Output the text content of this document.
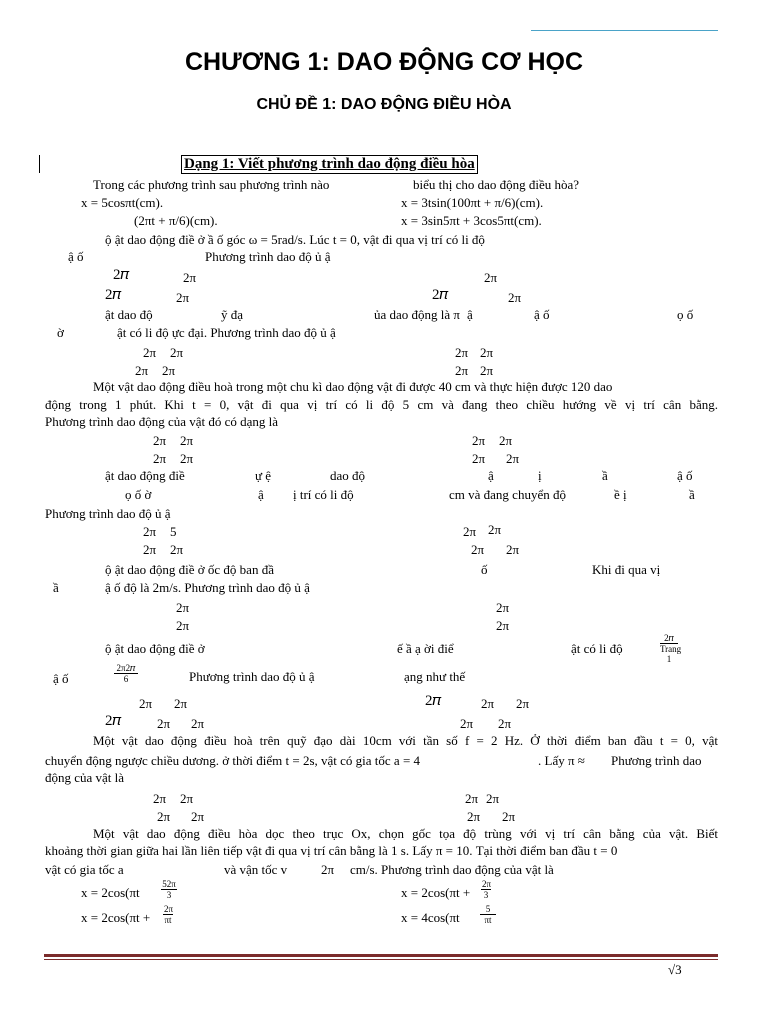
CHƯƠNG 1: DAO ĐỘNG CƠ HỌC
CHỦ ĐỀ 1: DAO ĐỘNG ĐIỀU HÒA
Dạng 1: Viết phương trình dao động điều hòa
Trong các phương trình sau phương trình nào	biểu thị cho dao động điều hòa?
x = 5cosπt(cm).	x = 3tsin(100πt + π/6)(cm).
(2πt + π/6)(cm).	x = 3sin5πt + 3cos5πt(cm).
ộ ật dao động điề ở ầ ố góc ω = 5rad/s. Lúc t = 0, vật đi qua vị trí có li độ
ậ ố	Phương trình dao độ ủ ậ
2𝜋	2π	2π
2𝜋	2π	2𝜋	2π
ật dao độ	ỹ đạ	ủa dao động là π ậ	ậ ố	ọ ố
ờ	ật có li độ ực đại. Phương trình dao độ ủ ậ
2π 2π	2π 2π
2π 2π	2π 2π
Một vật dao động điều hoà trong một chu kì dao động vật đi được 40 cm và thực hiện được 120 dao
động trong 1 phút. Khi t = 0, vật đi qua vị trí có li độ 5 cm và đang theo chiều hướng về vị trí cân bằng.
Phương trình dao động của vật đó có dạng là
2π 2π	2π 2π
2π 2π	2π 2π
ật dao động điề	ự ệ	dao độ	ậ	ị	ầ	ậ ố
ọ ố ờ	ậ ị trí có li độ	cm và đang chuyển độ	ề ị	ầ
Phương trình dao độ ủ ậ
2π 5	2π 2π
2π 2π	2π 2π
ộ ật dao động điề ở ốc độ ban đầ	ố	Khi đi qua vị
ầ	ậ ố độ là 2m/s. Phương trình dao độ ủ ậ
2π	2π
2π	2π
ộ ật dao động điề ở	ế ầ ạ ời điể	ật có li độ
2𝜋
Trang 1
ậ ố
2π2𝜋
6	Phương trình dao độ ủ ậ	ạng như thế
2π 2π	2𝜋	2π 2π
2𝜋	2π 2π	2π 2π
Một vật dao động điều hoà trên quỹ đạo dài 10cm với tần số f = 2 Hz. Ở thời điểm ban đầu t = 0, vật
chuyển động ngược chiều dương. ở thời điểm t = 2s, vật có gia tốc a = 4	. Lấy π ≈ Phương trình dao
động của vật là
2π 2π	2π 2π
2π 2π	2π 2π
Một vật dao động điều hòa dọc theo trục Ox, chọn gốc tọa độ trùng với vị trí cân bằng của vật. Biết
khoảng thời gian giữa hai lần liên tiếp vật đi qua vị trí cân bằng là 1 s. Lấy π = 10. Tại thời điểm ban đầu t = 0
vật có gia tốc a	và vận tốc v	2π cm/s. Phương trình dao động của vật là
$x = 2\cos(\pi t \frac{52\pi}{3}$	$x = 2\cos(\pi t + \frac{2\pi}{3}$
$x = 2\cos(\pi t + \frac{2\pi}{\pi t}$	$x = 4\cos(\pi t \frac{5}{\pi t}$
π 2
√3
